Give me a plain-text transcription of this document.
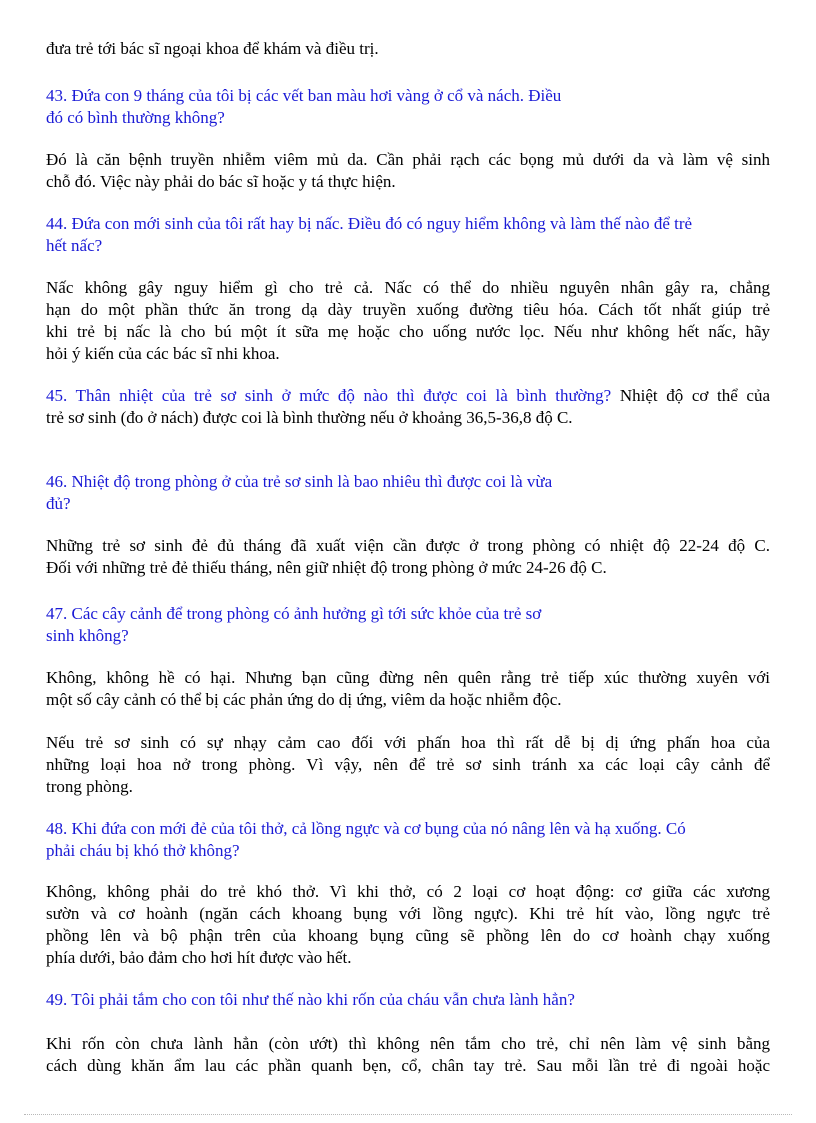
đưa trẻ tới bác sĩ ngoại khoa để khám và điều trị.

43. Đứa con 9 tháng của tôi bị các vết ban màu hơi vàng ở cổ và nách. Điều
đó có bình thường không?

Đó là căn bệnh truyền nhiễm viêm mủ da. Cần phải rạch các bọng mủ dưới da và làm vệ sinh
chỗ đó. Việc này phải do bác sĩ hoặc y tá thực hiện.

44. Đứa con mới sinh của tôi rất hay bị nấc. Điều đó có nguy hiểm không và làm thế nào để trẻ
hết nấc?

Nấc không gây nguy hiểm gì cho trẻ cả. Nấc có thể do nhiều nguyên nhân gây ra, chẳng
hạn do một phần thức ăn trong dạ dày truyền xuống đường tiêu hóa. Cách tốt nhất giúp trẻ
khi trẻ bị nấc là cho bú một ít sữa mẹ hoặc cho uống nước lọc. Nếu như không hết nấc, hãy
hỏi ý kiến của các bác sĩ nhi khoa.

45. Thân nhiệt của trẻ sơ sinh ở mức độ nào thì được coi là bình thường? Nhiệt độ cơ thể của
trẻ sơ sinh (đo ở nách) được coi là bình thường nếu ở khoảng 36,5-36,8 độ C.

46. Nhiệt độ trong phòng ở của trẻ sơ sinh là bao nhiêu thì được coi là vừa
đủ?

Những trẻ sơ sinh đẻ đủ tháng đã xuất viện cần được ở trong phòng có nhiệt độ 22-24 độ C.
Đối với những trẻ đẻ thiếu tháng, nên giữ nhiệt độ trong phòng ở mức 24-26 độ C.

47. Các cây cảnh để trong phòng có ảnh hưởng gì tới sức khỏe của trẻ sơ
sinh không?

Không, không hề có hại. Nhưng bạn cũng đừng nên quên rằng trẻ tiếp xúc thường xuyên với
một số cây cảnh có thể bị các phản ứng do dị ứng, viêm da hoặc nhiễm độc.

Nếu trẻ sơ sinh có sự nhạy cảm cao đối với phấn hoa thì rất dễ bị dị ứng phấn hoa của
những loại hoa nở trong phòng. Vì vậy, nên để trẻ sơ sinh tránh xa các loại cây cảnh để
trong phòng.

48. Khi đứa con mới đẻ của tôi thở, cả lồng ngực và cơ bụng của nó nâng lên và hạ xuống. Có
phải cháu bị khó thở không?

Không, không phải do trẻ khó thở. Vì khi thở, có 2 loại cơ hoạt động: cơ giữa các xương
sườn và cơ hoành (ngăn cách khoang bụng với lồng ngực). Khi trẻ hít vào, lồng ngực trẻ
phồng lên và bộ phận trên của khoang bụng cũng sẽ phồng lên do cơ hoành chạy xuống
phía dưới, bảo đảm cho hơi hít được vào hết.

49. Tôi phải tắm cho con tôi như thế nào khi rốn của cháu vẫn chưa lành hẳn?

Khi rốn còn chưa lành hẳn (còn ướt) thì không nên tắm cho trẻ, chỉ nên làm vệ sinh bằng
cách dùng khăn ẩm lau các phần quanh bẹn, cổ, chân tay trẻ. Sau mỗi lần trẻ đi ngoài hoặc
